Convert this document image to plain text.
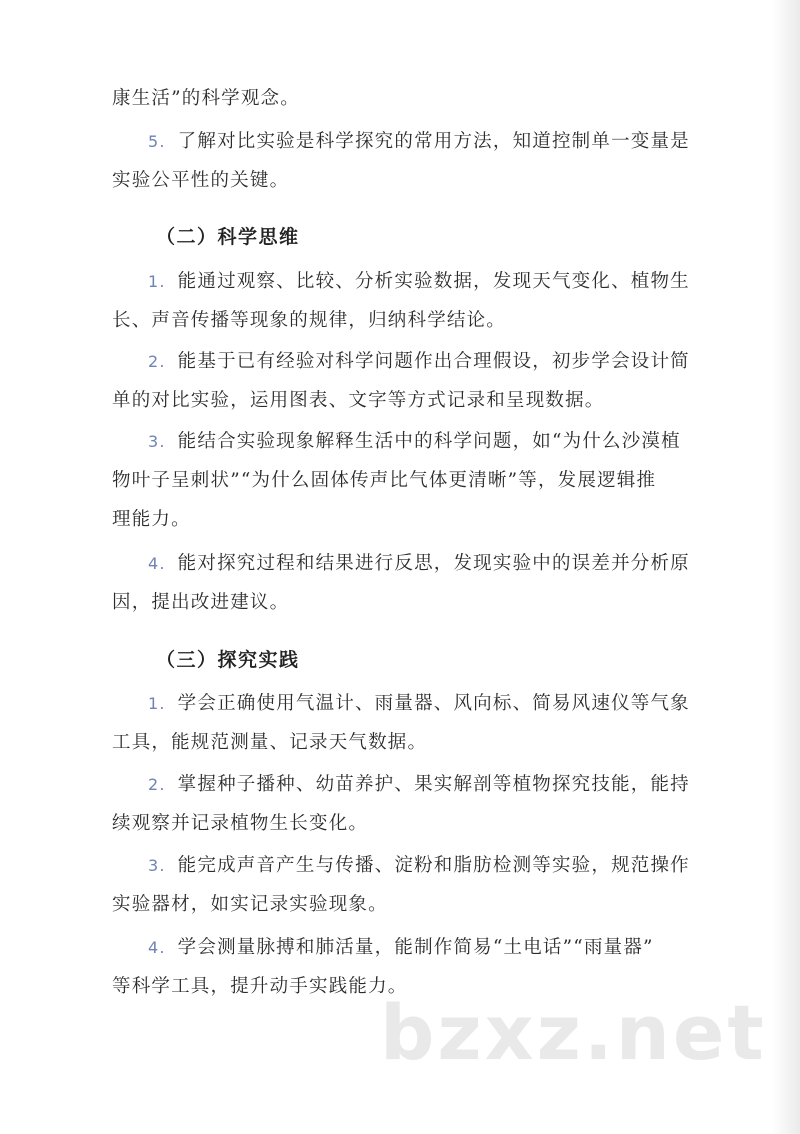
康生活”的科学观念。
5. 了解对比实验是科学探究的常用方法，知道控制单一变量是
实验公平性的关键。
（二）科学思维
1. 能通过观察、比较、分析实验数据，发现天气变化、植物生
长、声音传播等现象的规律，归纳科学结论。
2. 能基于已有经验对科学问题作出合理假设，初步学会设计简
单的对比实验，运用图表、文字等方式记录和呈现数据。
3. 能结合实验现象解释生活中的科学问题，如“为什么沙漠植
物叶子呈刺状”“为什么固体传声比气体更清晰”等，发展逻辑推
理能力。
4. 能对探究过程和结果进行反思，发现实验中的误差并分析原
因，提出改进建议。
（三）探究实践
1. 学会正确使用气温计、雨量器、风向标、简易风速仪等气象
工具，能规范测量、记录天气数据。
2. 掌握种子播种、幼苗养护、果实解剖等植物探究技能，能持
续观察并记录植物生长变化。
3. 能完成声音产生与传播、淀粉和脂肪检测等实验，规范操作
实验器材，如实记录实验现象。
4. 学会测量脉搏和肺活量，能制作简易“土电话”“雨量器”
等科学工具，提升动手实践能力。
bzxz.net
